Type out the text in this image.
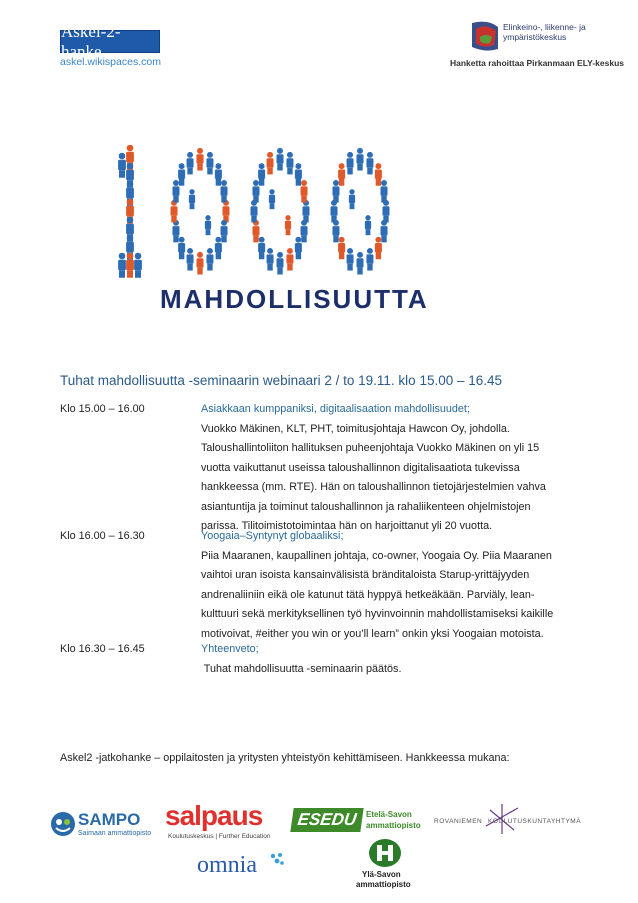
Askel-2-hanke
askel.wikispaces.com
Elinkeino-, liikenne- ja ympäristökeskus
Hanketta rahoittaa Pirkanmaan ELY-keskus
MAHDOLLISUUTTA
Tuhat mahdollisuutta -seminaarin webinaari 2 / to 19.11. klo 15.00 – 16.45
Klo 15.00 – 16.00	Asiakkaan kumppaniksi, digitaalisaation mahdollisuudet;

Vuokko Mäkinen, KLT, PHT, toimitusjohtaja Hawcon Oy, johdolla.

Taloushallintoliiton hallituksen puheenjohtaja Vuokko Mäkinen on yli 15

vuotta vaikuttanut useissa taloushallinnon digitalisaatiota tukevissa

hankkeessa (mm. RTE). Hän on taloushallinnon tietojärjestelmien vahva

asiantuntija ja toiminut taloushallinnon ja rahaliikenteen ohjelmistojen

parissa. Tilitoimistotoimintaa hän on harjoittanut yli 20 vuotta.

Klo 16.00 – 16.30	Yoogaia–Syntynyt globaaliksi;

Piia Maaranen, kaupallinen johtaja, co-owner, Yoogaia Oy. Piia Maaranen

vaihtoi uran isoista kansainvälisistä bränditaloista Starup-yrittäjyyden

andrenaliiniin eikä ole katunut tätä hyppyä hetkeäkään. Parviäly, lean-

kulttuuri sekä merkityksellinen työ hyvinvoinnin mahdollistamiseksi kaikille

motivoivat, #either you win or you’ll learn” onkin yksi Yoogaian motoista.

Klo 16.30 – 16.45	Yhteenveto;

Tuhat mahdollisuutta -seminaarin päätös.

Askel2 -jatkohanke – oppilaitosten ja yritysten yhteistyön kehittämiseen. Hankkeessa mukana:
SAMPO
Saimaan ammattiopisto
salpaus
Koulutuskeskus | Further Education
ESEDU	Etelä-Savon
ammattiopisto ROVANIEMEN KOULUTUSKUNTAYHTYMÄ
omnia	Ylä-Savon
ammattiopisto
